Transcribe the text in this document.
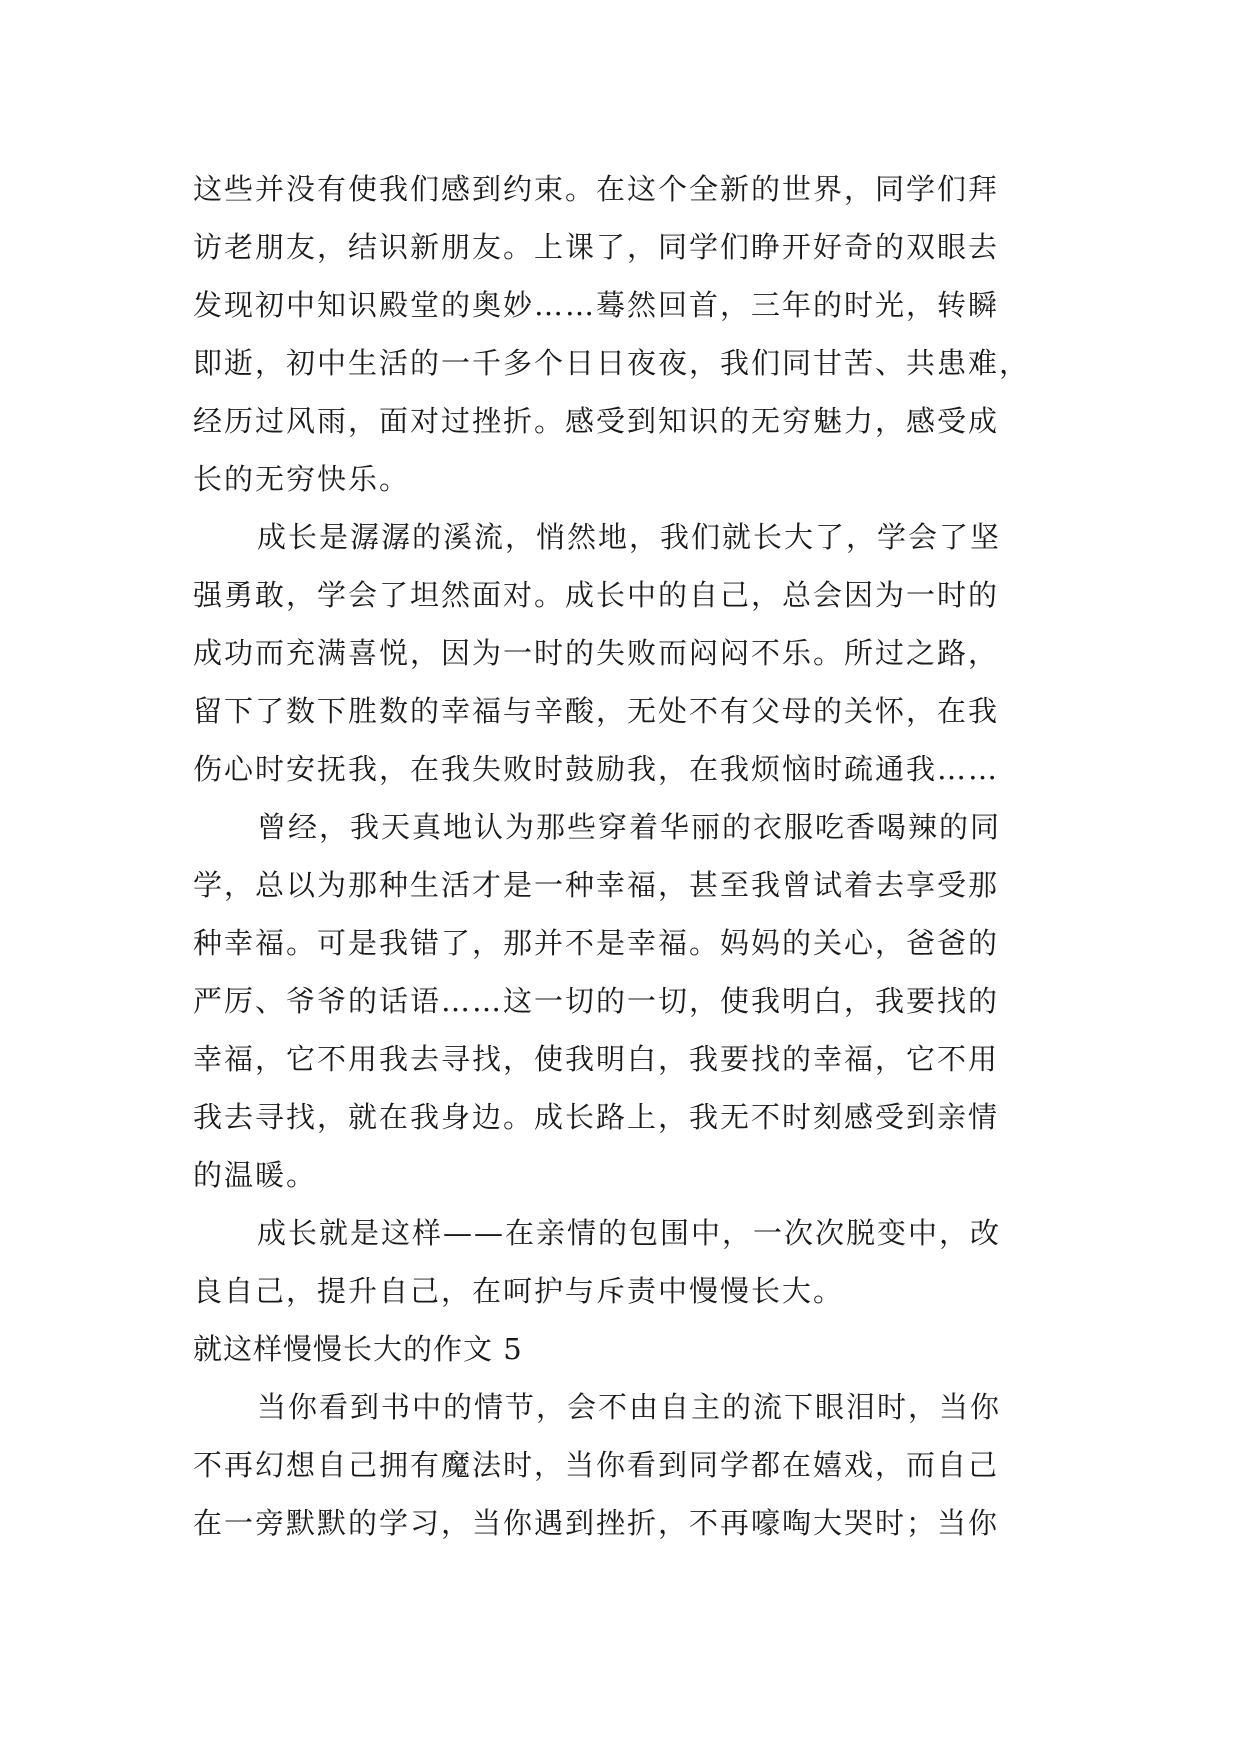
这些并没有使我们感到约束。在这个全新的世界，同学们拜
访老朋友，结识新朋友。上课了，同学们睁开好奇的双眼去
发现初中知识殿堂的奥妙……蓦然回首，三年的时光，转瞬
即逝，初中生活的一千多个日日夜夜，我们同甘苦、共患难，
经历过风雨，面对过挫折。感受到知识的无穷魅力，感受成
长的无穷快乐。
成长是潺潺的溪流，悄然地，我们就长大了，学会了坚
强勇敢，学会了坦然面对。成长中的自己，总会因为一时的
成功而充满喜悦，因为一时的失败而闷闷不乐。所过之路，
留下了数下胜数的幸福与辛酸，无处不有父母的关怀，在我
伤心时安抚我，在我失败时鼓励我，在我烦恼时疏通我……
曾经，我天真地认为那些穿着华丽的衣服吃香喝辣的同
学，总以为那种生活才是一种幸福，甚至我曾试着去享受那
种幸福。可是我错了，那并不是幸福。妈妈的关心，爸爸的
严厉、爷爷的话语……这一切的一切，使我明白，我要找的
幸福，它不用我去寻找，使我明白，我要找的幸福，它不用
我去寻找，就在我身边。成长路上，我无不时刻感受到亲情
的温暖。
成长就是这样——在亲情的包围中，一次次脱变中，改
良自己，提升自己，在呵护与斥责中慢慢长大。
就这样慢慢长大的作文 5
当你看到书中的情节，会不由自主的流下眼泪时，当你
不再幻想自己拥有魔法时，当你看到同学都在嬉戏，而自己
在一旁默默的学习，当你遇到挫折，不再嚎啕大哭时；当你
